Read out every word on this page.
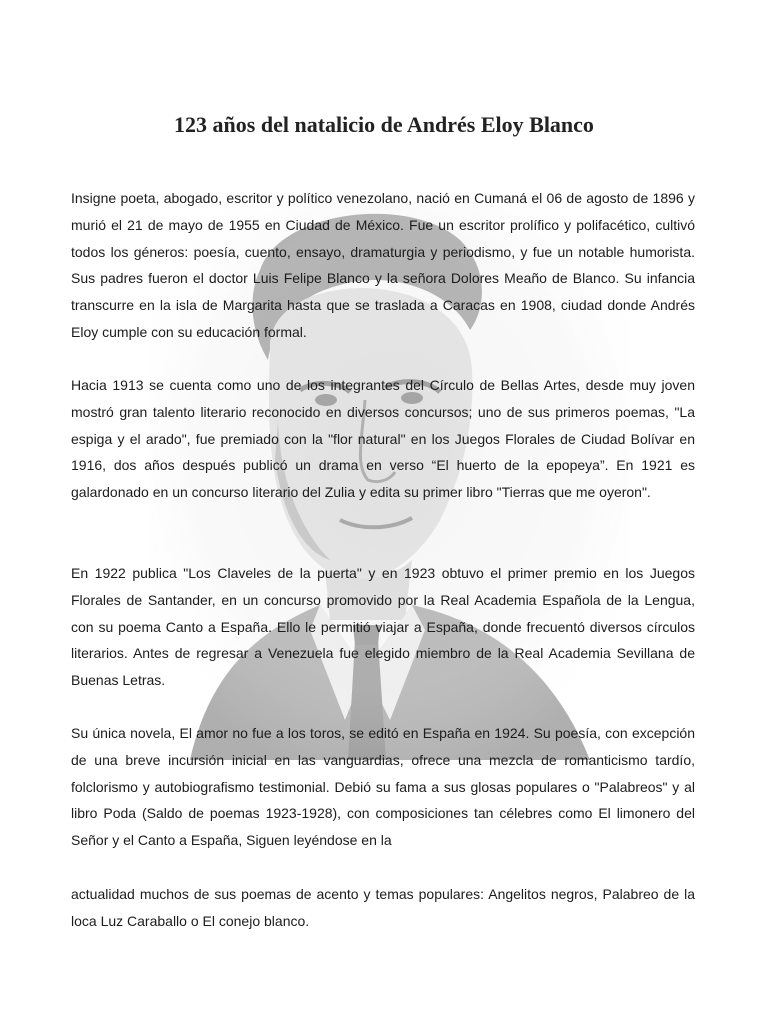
123 años del natalicio de Andrés Eloy Blanco

Insigne poeta, abogado, escritor y político venezolano, nació en Cumaná el 06 de agosto de 1896 y murió el 21 de mayo de 1955 en Ciudad de México. Fue un escritor prolífico y polifacético, cultivó todos los géneros: poesía, cuento, ensayo, dramaturgia y periodismo, y fue un notable humorista. Sus padres fueron el doctor Luis Felipe Blanco y la señora Dolores Meaño de Blanco. Su infancia transcurre en la isla de Margarita hasta que se traslada a Caracas en 1908, ciudad donde Andrés Eloy cumple con su educación formal.

Hacia 1913 se cuenta como uno de los integrantes del Círculo de Bellas Artes, desde muy joven mostró gran talento literario reconocido en diversos concursos; uno de sus primeros poemas, "La espiga y el arado", fue premiado con la "flor natural" en los Juegos Florales de Ciudad Bolívar en 1916, dos años después publicó un drama en verso “El huerto de la epopeya”. En 1921 es galardonado en un concurso literario del Zulia y edita su primer libro "Tierras que me oyeron".

En 1922 publica "Los Claveles de la puerta" y en 1923 obtuvo el primer premio en los Juegos Florales de Santander, en un concurso promovido por la Real Academia Española de la Lengua, con su poema Canto a España. Ello le permitió viajar a España, donde frecuentó diversos círculos literarios. Antes de regresar a Venezuela fue elegido miembro de la Real Academia Sevillana de Buenas Letras.

Su única novela, El amor no fue a los toros, se editó en España en 1924. Su poesía, con excepción de una breve incursión inicial en las vanguardias, ofrece una mezcla de romanticismo tardío, folclorismo y autobiografismo testimonial. Debió su fama a sus glosas populares o "Palabreos" y al libro Poda (Saldo de poemas 1923-1928), con composiciones tan célebres como El limonero del Señor y el Canto a España, Siguen leyéndose en la

actualidad muchos de sus poemas de acento y temas populares: Angelitos negros, Palabreo de la loca Luz Caraballo o El conejo blanco.
